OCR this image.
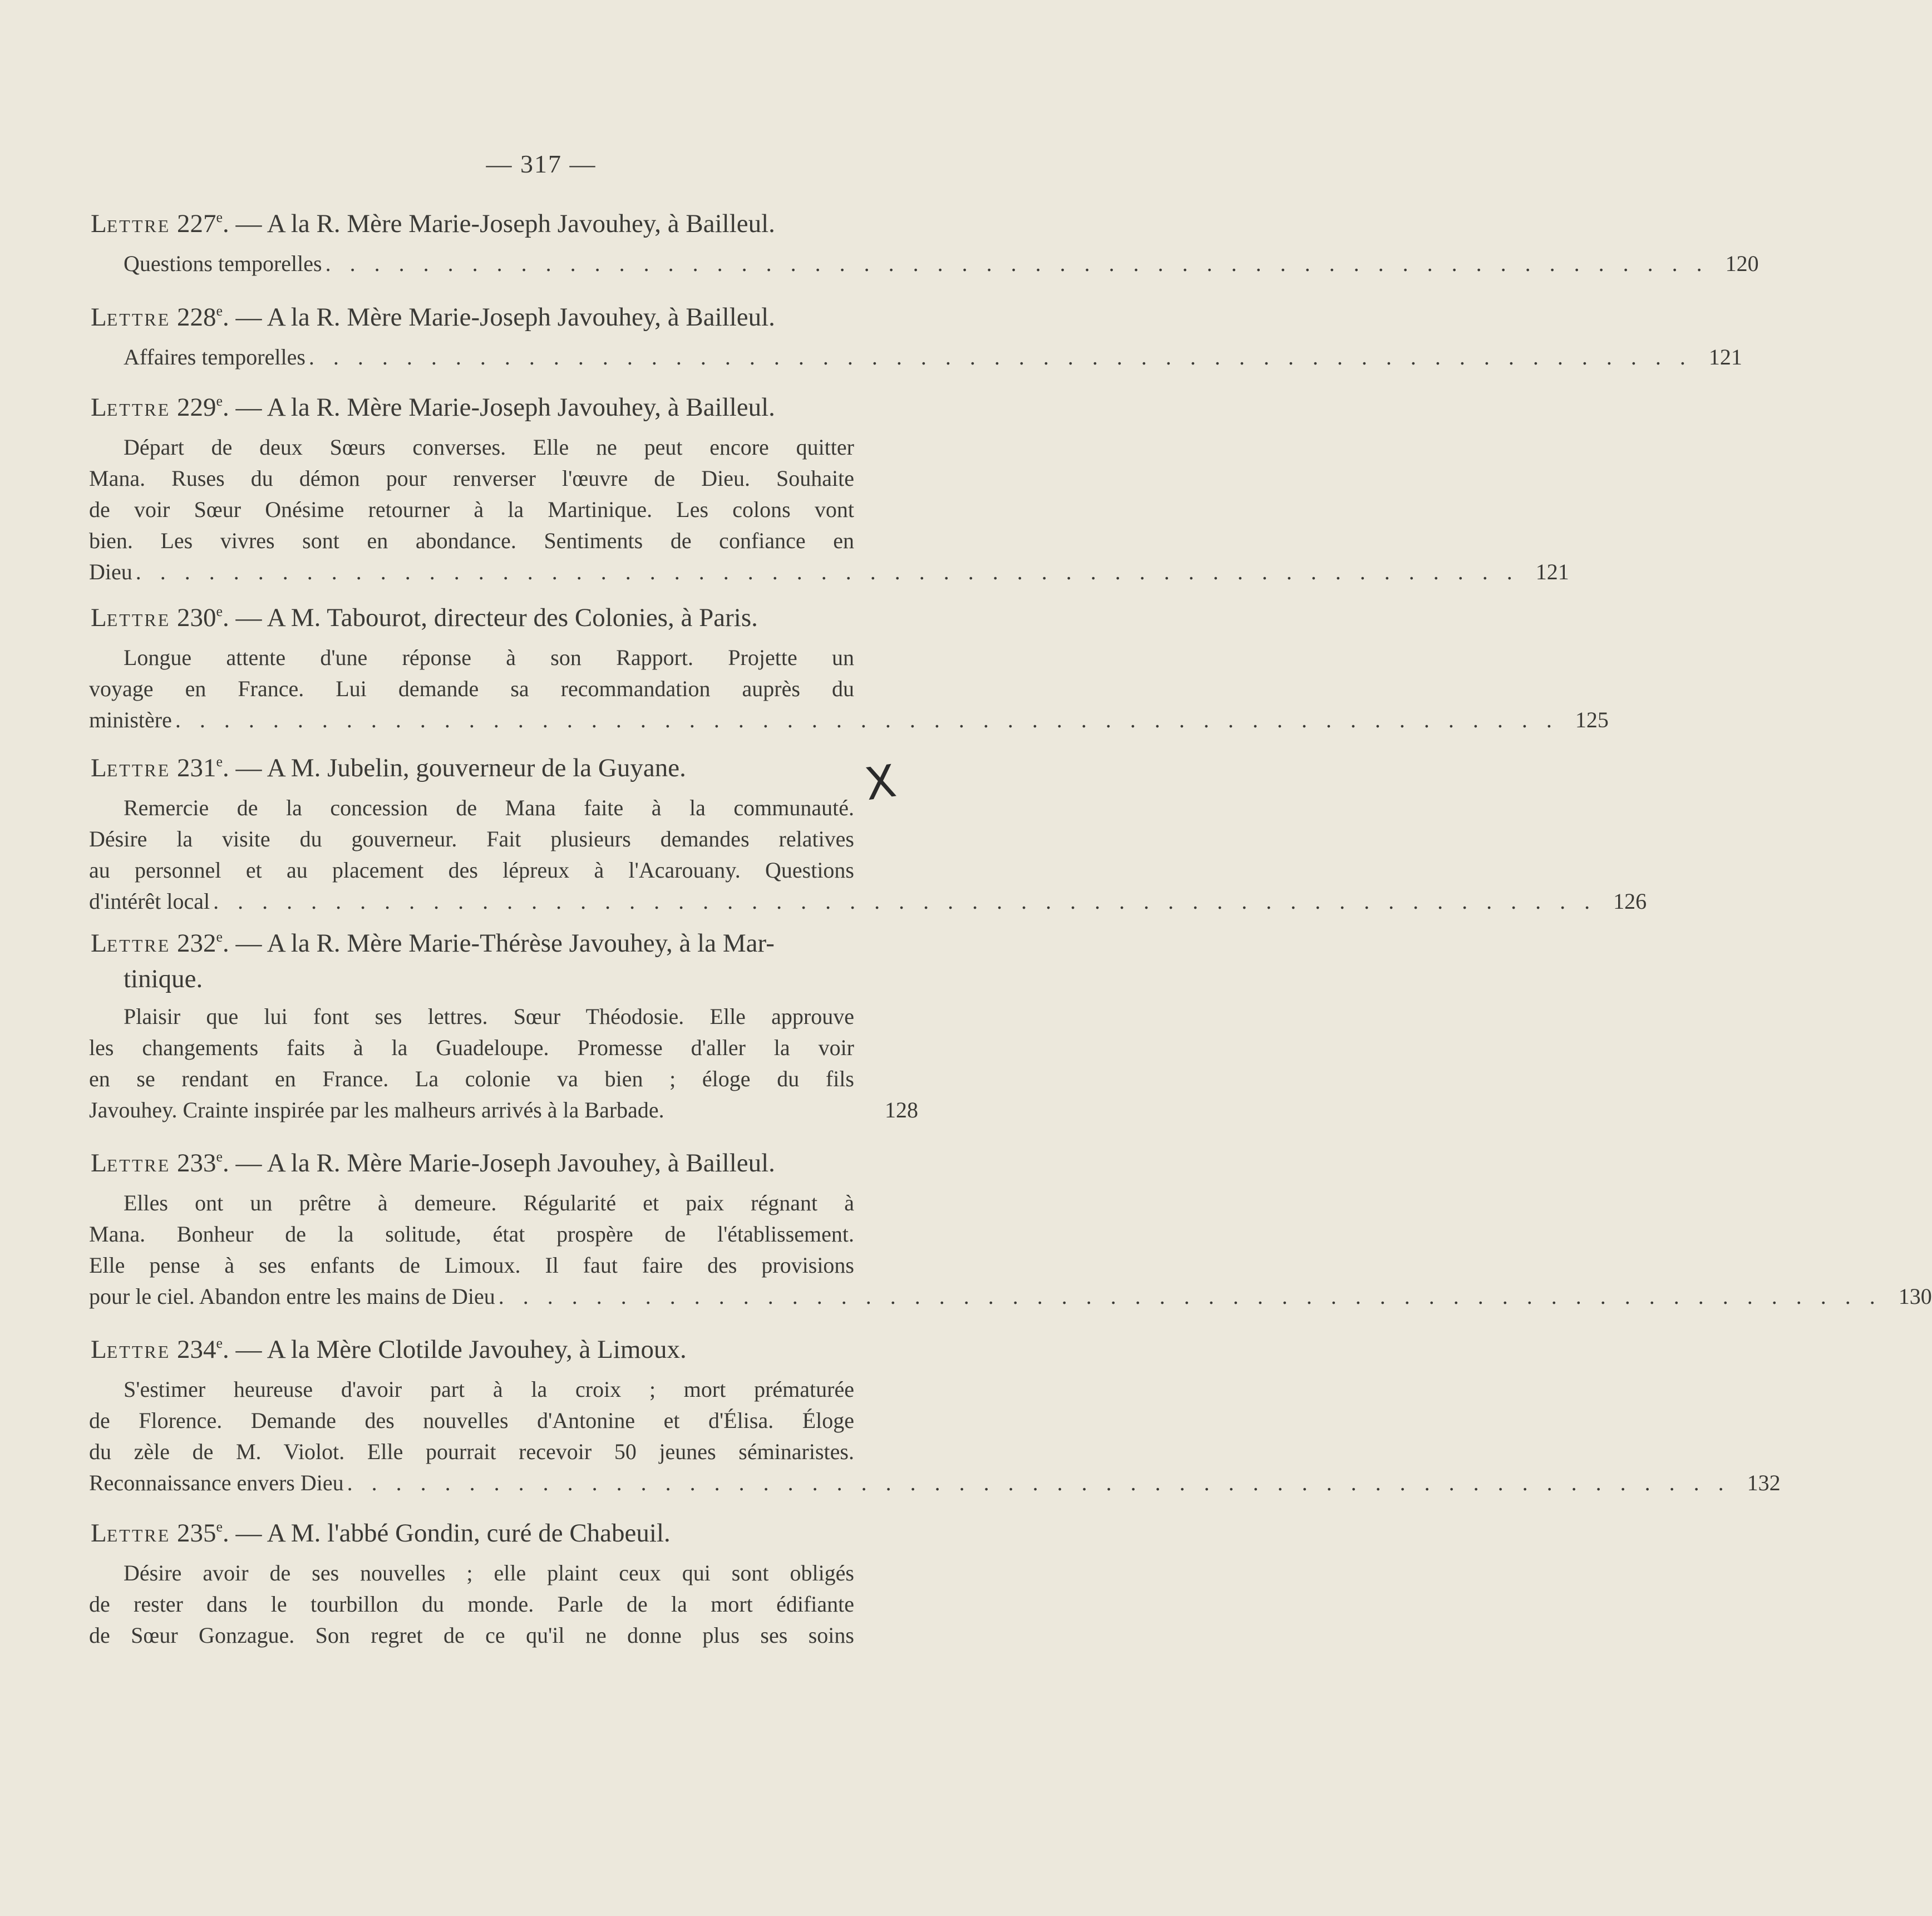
— 317 —
LETTRE 227e. — A la R. Mère Marie-Joseph Javouhey, à Bailleul.
Questions temporelles . . . . . . . . . . . . . . . . . . . . . . . . . . . . . . . . . . . . . . . . . . . . . . . . . . . . . . . . . 120
LETTRE 228e. — A la R. Mère Marie-Joseph Javouhey, à Bailleul.
Affaires temporelles . . . . . . . . . . . . . . . . . . . . . . . . . . . . . . . . . . . . . . . . . . . . . . . . . . . . . . . . . 121
LETTRE 229e. — A la R. Mère Marie-Joseph Javouhey, à Bailleul.
Départ de deux Sœurs converses. Elle ne peut encore quitter
Mana. Ruses du démon pour renverser l'œuvre de Dieu. Souhaite
de voir Sœur Onésime retourner à la Martinique. Les colons vont
bien. Les vivres sont en abondance. Sentiments de confiance en
Dieu . . . . . . . . . . . . . . . . . . . . . . . . . . . . . . . . . . . . . . . . . . . . . . . . . . . . . . . . . 121
LETTRE 230e. — A M. Tabourot, directeur des Colonies, à Paris.
Longue attente d'une réponse à son Rapport. Projette un
voyage en France. Lui demande sa recommandation auprès du
ministère . . . . . . . . . . . . . . . . . . . . . . . . . . . . . . . . . . . . . . . . . . . . . . . . . . . . . . . . . 125
LETTRE 231e. — A M. Jubelin, gouverneur de la Guyane.
Remercie de la concession de Mana faite à la communauté.
Désire la visite du gouverneur. Fait plusieurs demandes relatives
au personnel et au placement des lépreux à l'Acarouany. Questions
d'intérêt local . . . . . . . . . . . . . . . . . . . . . . . . . . . . . . . . . . . . . . . . . . . . . . . . . . . . . . . . . 126
LETTRE 232e. — A la R. Mère Marie-Thérèse Javouhey, à la Mar-
tinique.
Plaisir que lui font ses lettres. Sœur Théodosie. Elle approuve
les changements faits à la Guadeloupe. Promesse d'aller la voir
en se rendant en France. La colonie va bien ; éloge du fils
Javouhey. Crainte inspirée par les malheurs arrivés à la Barbade.	128
LETTRE 233e. — A la R. Mère Marie-Joseph Javouhey, à Bailleul.
Elles ont un prêtre à demeure. Régularité et paix régnant à
Mana. Bonheur de la solitude, état prospère de l'établissement.
Elle pense à ses enfants de Limoux. Il faut faire des provisions
pour le ciel. Abandon entre les mains de Dieu . . . . . . . . . . . . . . . . . . . . . . . . . . . . . . . . . . . . . . . . . . . . . . . . . . . . . . . . . 130
LETTRE 234e. — A la Mère Clotilde Javouhey, à Limoux.
S'estimer heureuse d'avoir part à la croix ; mort prématurée
de Florence. Demande des nouvelles d'Antonine et d'Élisa. Éloge
du zèle de M. Violot. Elle pourrait recevoir 50 jeunes séminaristes.
Reconnaissance envers Dieu . . . . . . . . . . . . . . . . . . . . . . . . . . . . . . . . . . . . . . . . . . . . . . . . . . . . . . . . . 132
LETTRE 235e. — A M. l'abbé Gondin, curé de Chabeuil.
Désire avoir de ses nouvelles ; elle plaint ceux qui sont obligés
de rester dans le tourbillon du monde. Parle de la mort édifiante
de Sœur Gonzague. Son regret de ce qu'il ne donne plus ses soins
X
